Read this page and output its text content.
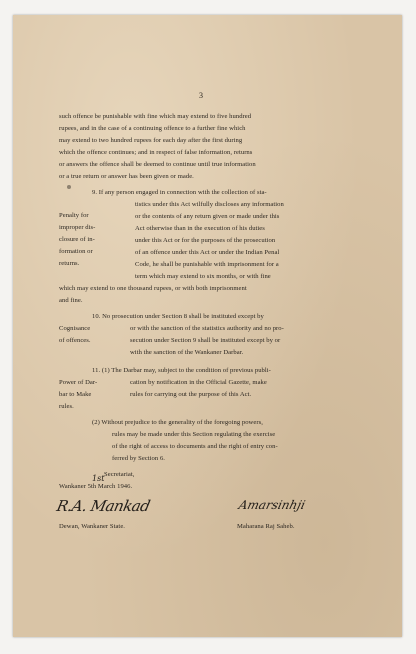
3
such offence be punishable with fine which may extend to five hundred
rupees, and in the case of a continuing offence to a further fine which
may extend to two hundred rupees for each day after the first during
which the offence continues; and in respect of false information, returns
or answers the offence shall be deemed to continue until true information
or a true return or answer has been given or made.
9. If any person engaged in connection with the collection of sta-
tistics under this Act wilfully discloses any information
or the contents of any return given or made under this
Act otherwise than in the execution of his duties
under this Act or for the purposes of the prosecution
of an offence under this Act or under the Indian Penal
Code, he shall be punishable with imprisonment for a
term which may extend to six months, or with fine
which may extend to one thousand rupees, or with both imprisonment
and fine.
Penalty for
improper dis-
closure of in-
formation or
returns.
10. No prosecution under Section 8 shall be instituted except by
or with the sanction of the statistics authority and no pro-
secution under Section 9 shall be instituted except by or
with the sanction of the Wankaner Darbar.
Cognisance
of offences.
11. (1) The Darbar may, subject to the condition of previous publi-
cation by notification in the Official Gazette, make
rules for carrying out the purpose of this Act.
Power of Dar-
bar to Make
rules.
(2) Without prejudice to the generality of the foregoing powers,
rules may be made under this Section regulating the exercise
of the right of access to documents and the right of entry con-
ferred by Section 6.
Secretariat,
Wankaner 5th March 1946.
1st
R.A. Mankad
Dewan, Wankaner State.
Amarsinhji
Maharana Raj Saheb.
